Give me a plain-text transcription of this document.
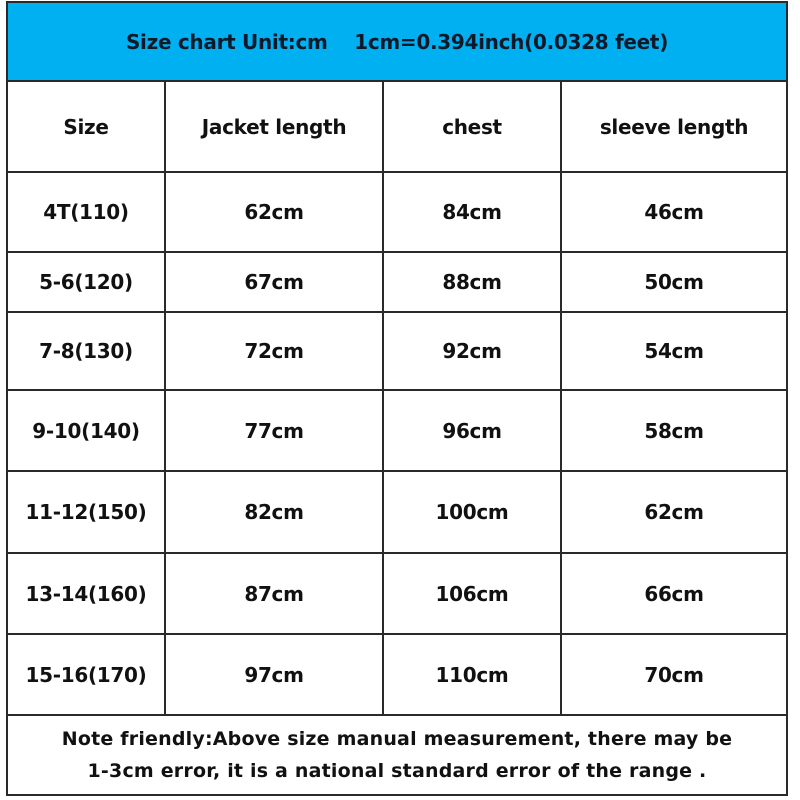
Size chart Unit:cm    1cm=0.394inch(0.0328 feet)
Size	Jacket length	chest	sleeve length
4T(110)	62cm	84cm	46cm
5-6(120)	67cm	88cm	50cm
7-8(130)	72cm	92cm	54cm
9-10(140)	77cm	96cm	58cm
11-12(150)	82cm	100cm	62cm
13-14(160)	87cm	106cm	66cm
15-16(170)	97cm	110cm	70cm
Note friendly:Above size manual measurement, there may be
1-3cm error, it is a national standard error of the range .
